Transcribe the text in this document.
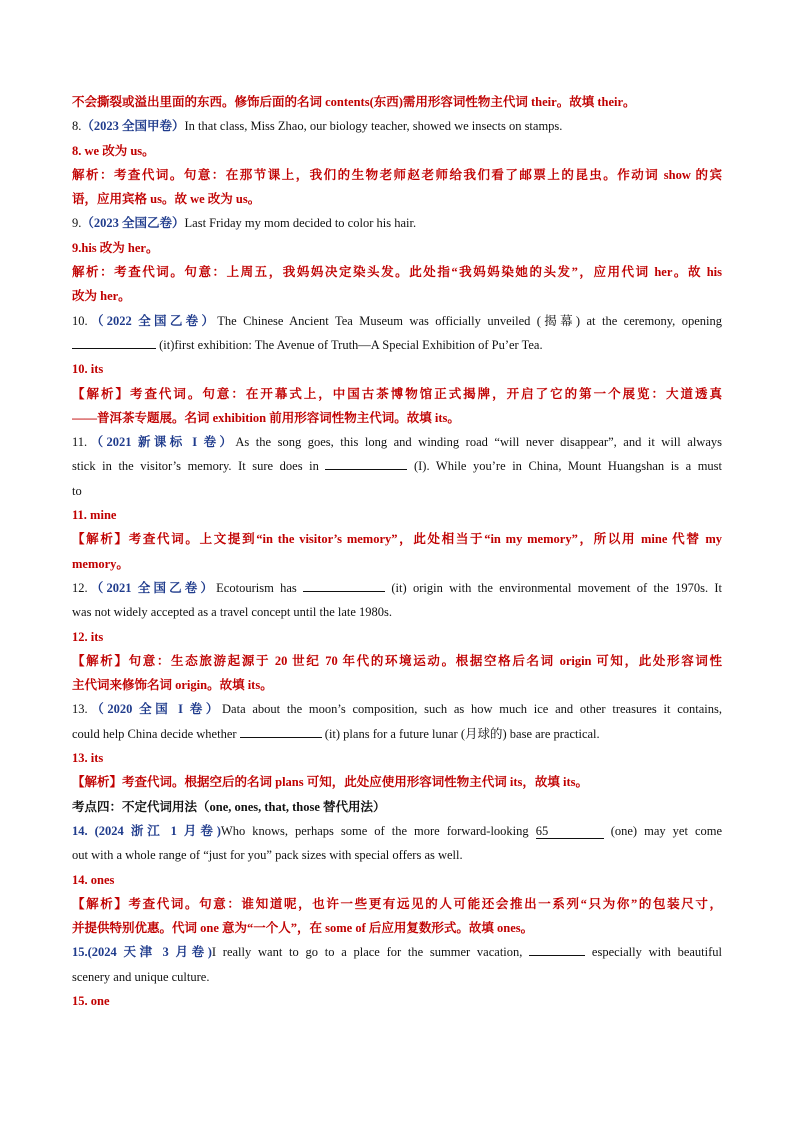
不会撕裂或溢出里面的东西。修饰后面的名词 contents(东西)需用形容词性物主代词 their。故填 their。
8.（2023 全国甲卷）In that class, Miss Zhao, our biology teacher, showed we insects on stamps.
8. we 改为 us。
解析：考查代词。句意：在那节课上，我们的生物老师赵老师给我们看了邮票上的昆虫。作动词 show 的宾
语，应用宾格 us。故 we 改为 us。
9.（2023 全国乙卷）Last Friday my mom decided to color his hair.
9.his 改为 her。
解析：考查代词。句意：上周五，我妈妈决定染头发。此处指“我妈妈染她的头发”，应用代词 her。故 his
改为 her。
10.（2022 全国乙卷）The Chinese Ancient Tea Museum was officially unveiled (揭幕) at the ceremony, opening
(it)first exhibition: The Avenue of Truth—A Special Exhibition of Pu’er Tea.
10. its
【解析】考查代词。句意：在开幕式上，中国古茶博物馆正式揭牌，开启了它的第一个展览：大道透真
——普洱茶专题展。名词 exhibition 前用形容词性物主代词。故填 its。
11.（2021 新课标 I 卷）As the song goes, this long and winding road “will never disappear”, and it will always
stick in the visitor’s memory. It sure does in	(I). While you’re in China, Mount Huangshan is a must
to
11. mine
【解析】考查代词。上文提到“in the visitor’s memory”，此处相当于“in my memory”，所以用 mine 代替 my
memory。
12.（2021 全国乙卷）Ecotourism has	(it) origin with the environmental movement of the 1970s. It
was not widely accepted as a travel concept until the late 1980s.
12. its
【解析】句意：生态旅游起源于 20 世纪 70 年代的环境运动。根据空格后名词 origin 可知，此处形容词性
主代词来修饰名词 origin。故填 its。
13.（2020 全国 I 卷）Data about the moon’s composition, such as how much ice and other treasures it contains,
could help China decide whether	(it) plans for a future lunar (月球的) base are practical.
13. its
【解析】考查代词。根据空后的名词 plans 可知，此处应使用形容词性物主代词 its，故填 its。
考点四：不定代词用法（one, ones, that, those 替代用法）
14. (2024 浙江 1 月卷)Who knows, perhaps some of the more forward-looking 65	(one) may yet come
out with a whole range of “just for you” pack sizes with special offers as well.
14. ones
【解析】考查代词。句意：谁知道呢，也许一些更有远见的人可能还会推出一系列“只为你”的包装尺寸，
并提供特别优惠。代词 one 意为“一个人”，在 some of 后应用复数形式。故填 ones。
15.(2024 天津 3 月卷)I really want to go to a place for the summer vacation,	especially with beautiful
scenery and unique culture.
15. one
